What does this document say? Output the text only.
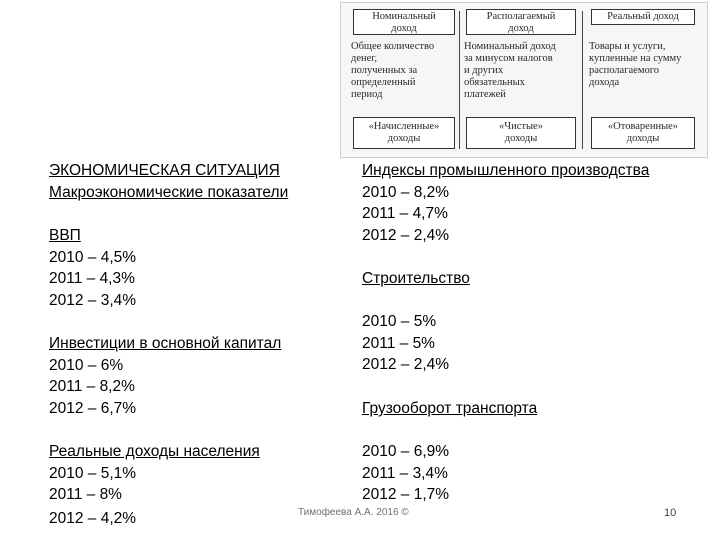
Номинальный
доход
Общее количество
денег,
полученных за
определенный
период
«Начисленные»
доходы
Располагаемый
доход
Номинальный доход
за минусом налогов
и других
обязательных
платежей
«Чистые»
доходы
Реальный доход
Товары и услуги,
купленные на сумму
располагаемого
дохода
«Отоваренные»
доходы
ЭКОНОМИЧЕСКАЯ СИТУАЦИЯ
Макроэкономические показатели
ВВП
2010 – 4,5%
2011 – 4,3%
2012 – 3,4%
Инвестиции в основной капитал
2010 – 6%
2011 – 8,2%
2012 – 6,7%
Реальные доходы населения
2010 – 5,1%
2011 – 8%
2012 – 4,2%
Индексы промышленного производства
2010 – 8,2%
2011 – 4,7%
2012 – 2,4%
Строительство
2010 – 5%
2011 – 5%
2012 – 2,4%
Грузооборот транспорта
2010 – 6,9%
2011 – 3,4%
2012 – 1,7%
Тимофеева А.А. 2016 ©	10
